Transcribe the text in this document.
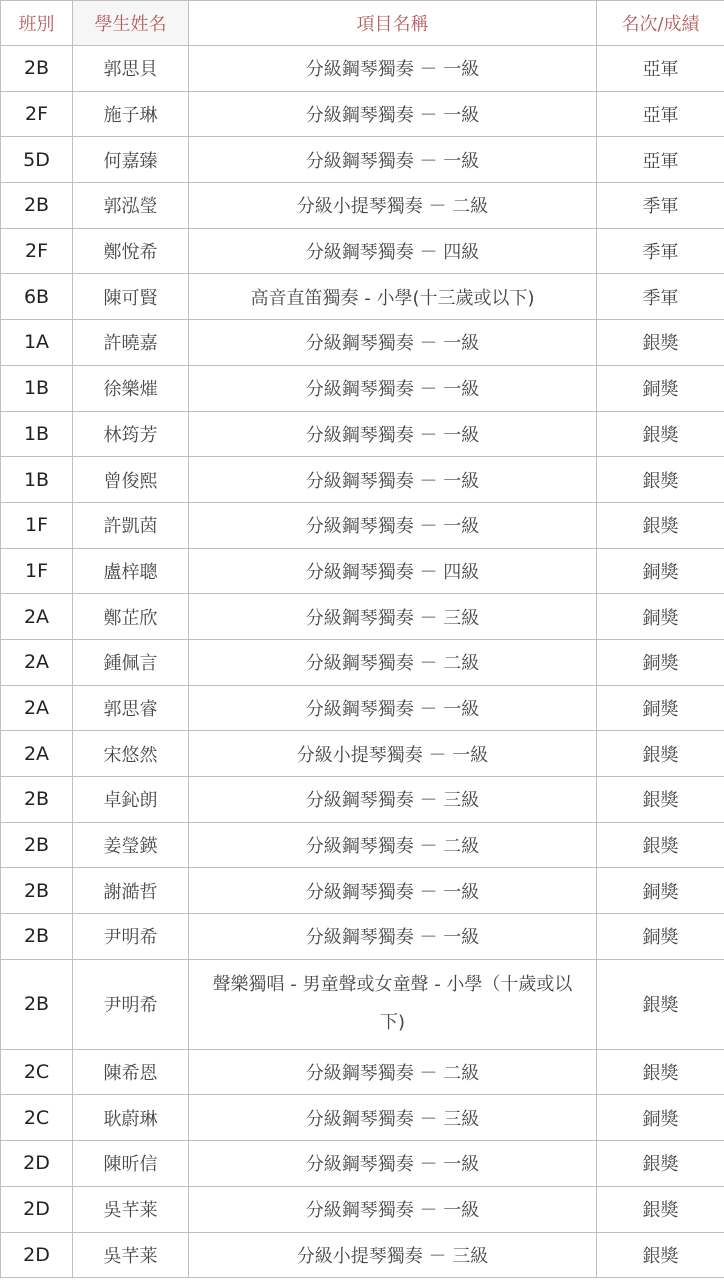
班別	學生姓名	項目名稱	名次/成績
2B	郭思貝	分級鋼琴獨奏 － 一級	亞軍
2F	施子琳	分級鋼琴獨奏 － 一級	亞軍
5D	何嘉臻	分級鋼琴獨奏 － 一級	亞軍
2B	郭泓瑩	分級小提琴獨奏 － 二級	季軍
2F	鄭悅希	分級鋼琴獨奏 － 四級	季軍
6B	陳可賢	高音直笛獨奏 - 小學(十三歲或以下)	季軍
1A	許曉嘉	分級鋼琴獨奏 － 一級	銀獎
1B	徐樂熣	分級鋼琴獨奏 － 一級	銅獎
1B	林筠芳	分級鋼琴獨奏 － 一級	銀獎
1B	曾俊熙	分級鋼琴獨奏 － 一級	銀獎
1F	許凱茵	分級鋼琴獨奏 － 一級	銀獎
1F	盧梓聰	分級鋼琴獨奏 － 四級	銅獎
2A	鄭芷欣	分級鋼琴獨奏 － 三級	銅獎
2A	鍾佩言	分級鋼琴獨奏 － 二級	銅獎
2A	郭思睿	分級鋼琴獨奏 － 一級	銅獎
2A	宋悠然	分級小提琴獨奏 － 一級	銀獎
2B	卓鈊朗	分級鋼琴獨奏 － 三級	銀獎
2B	姜瑩鍈	分級鋼琴獨奏 － 二級	銀獎
2B	謝澔哲	分級鋼琴獨奏 － 一級	銅獎
2B	尹明希	分級鋼琴獨奏 － 一級	銅獎
2B	尹明希	聲樂獨唱 - 男童聲或女童聲 - 小學（十歲或以下)	銀獎
2C	陳希恩	分級鋼琴獨奏 － 二級	銀獎
2C	耿蔚琳	分級鋼琴獨奏 － 三級	銅獎
2D	陳昕信	分級鋼琴獨奏 － 一級	銀獎
2D	吳芊莱	分級鋼琴獨奏 － 一級	銀獎
2D	吳芊莱	分級小提琴獨奏 － 三級	銀獎
